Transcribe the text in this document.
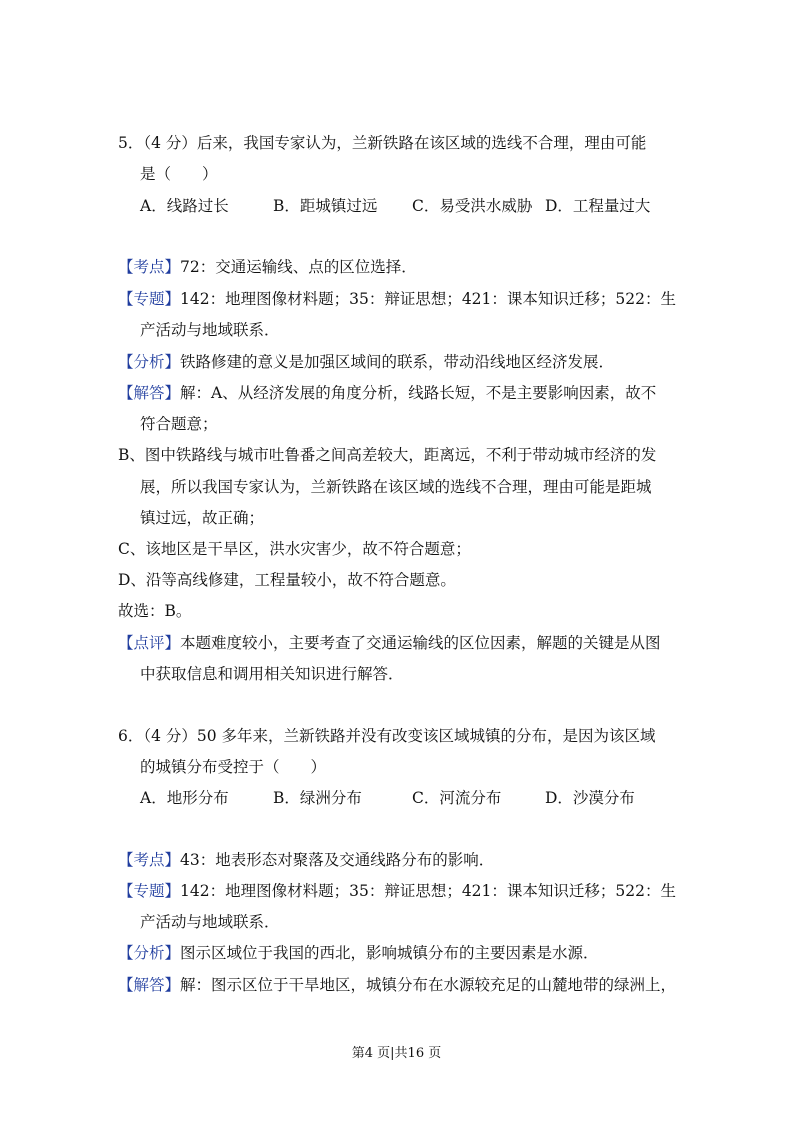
5．（4 分）后来，我国专家认为，兰新铁路在该区域的选线不合理，理由可能
是（　　）
A．线路过长	B．距城镇过远 C．易受洪水威胁 D．工程量过大
【考点】72：交通运输线、点的区位选择．
【专题】142：地理图像材料题；35：辩证思想；421：课本知识迁移；522：生
产活动与地域联系．
【分析】铁路修建的意义是加强区域间的联系，带动沿线地区经济发展．
【解答】解：A、从经济发展的角度分析，线路长短，不是主要影响因素，故不
符合题意；
B、图中铁路线与城市吐鲁番之间高差较大，距离远，不利于带动城市经济的发
展，所以我国专家认为，兰新铁路在该区域的选线不合理，理由可能是距城
镇过远，故正确；
C、该地区是干旱区，洪水灾害少，故不符合题意；
D、沿等高线修建，工程量较小，故不符合题意。
故选：B。
【点评】本题难度较小，主要考查了交通运输线的区位因素，解题的关键是从图
中获取信息和调用相关知识进行解答．
6．（4 分）50 多年来，兰新铁路并没有改变该区域城镇的分布，是因为该区域
的城镇分布受控于（　　）
A．地形分布	B．绿洲分布	C．河流分布	D．沙漠分布
【考点】43：地表形态对聚落及交通线路分布的影响．
【专题】142：地理图像材料题；35：辩证思想；421：课本知识迁移；522：生
产活动与地域联系．
【分析】图示区域位于我国的西北，影响城镇分布的主要因素是水源．
【解答】解：图示区位于干旱地区，城镇分布在水源较充足的山麓地带的绿洲上，
第4 页|共16 页
